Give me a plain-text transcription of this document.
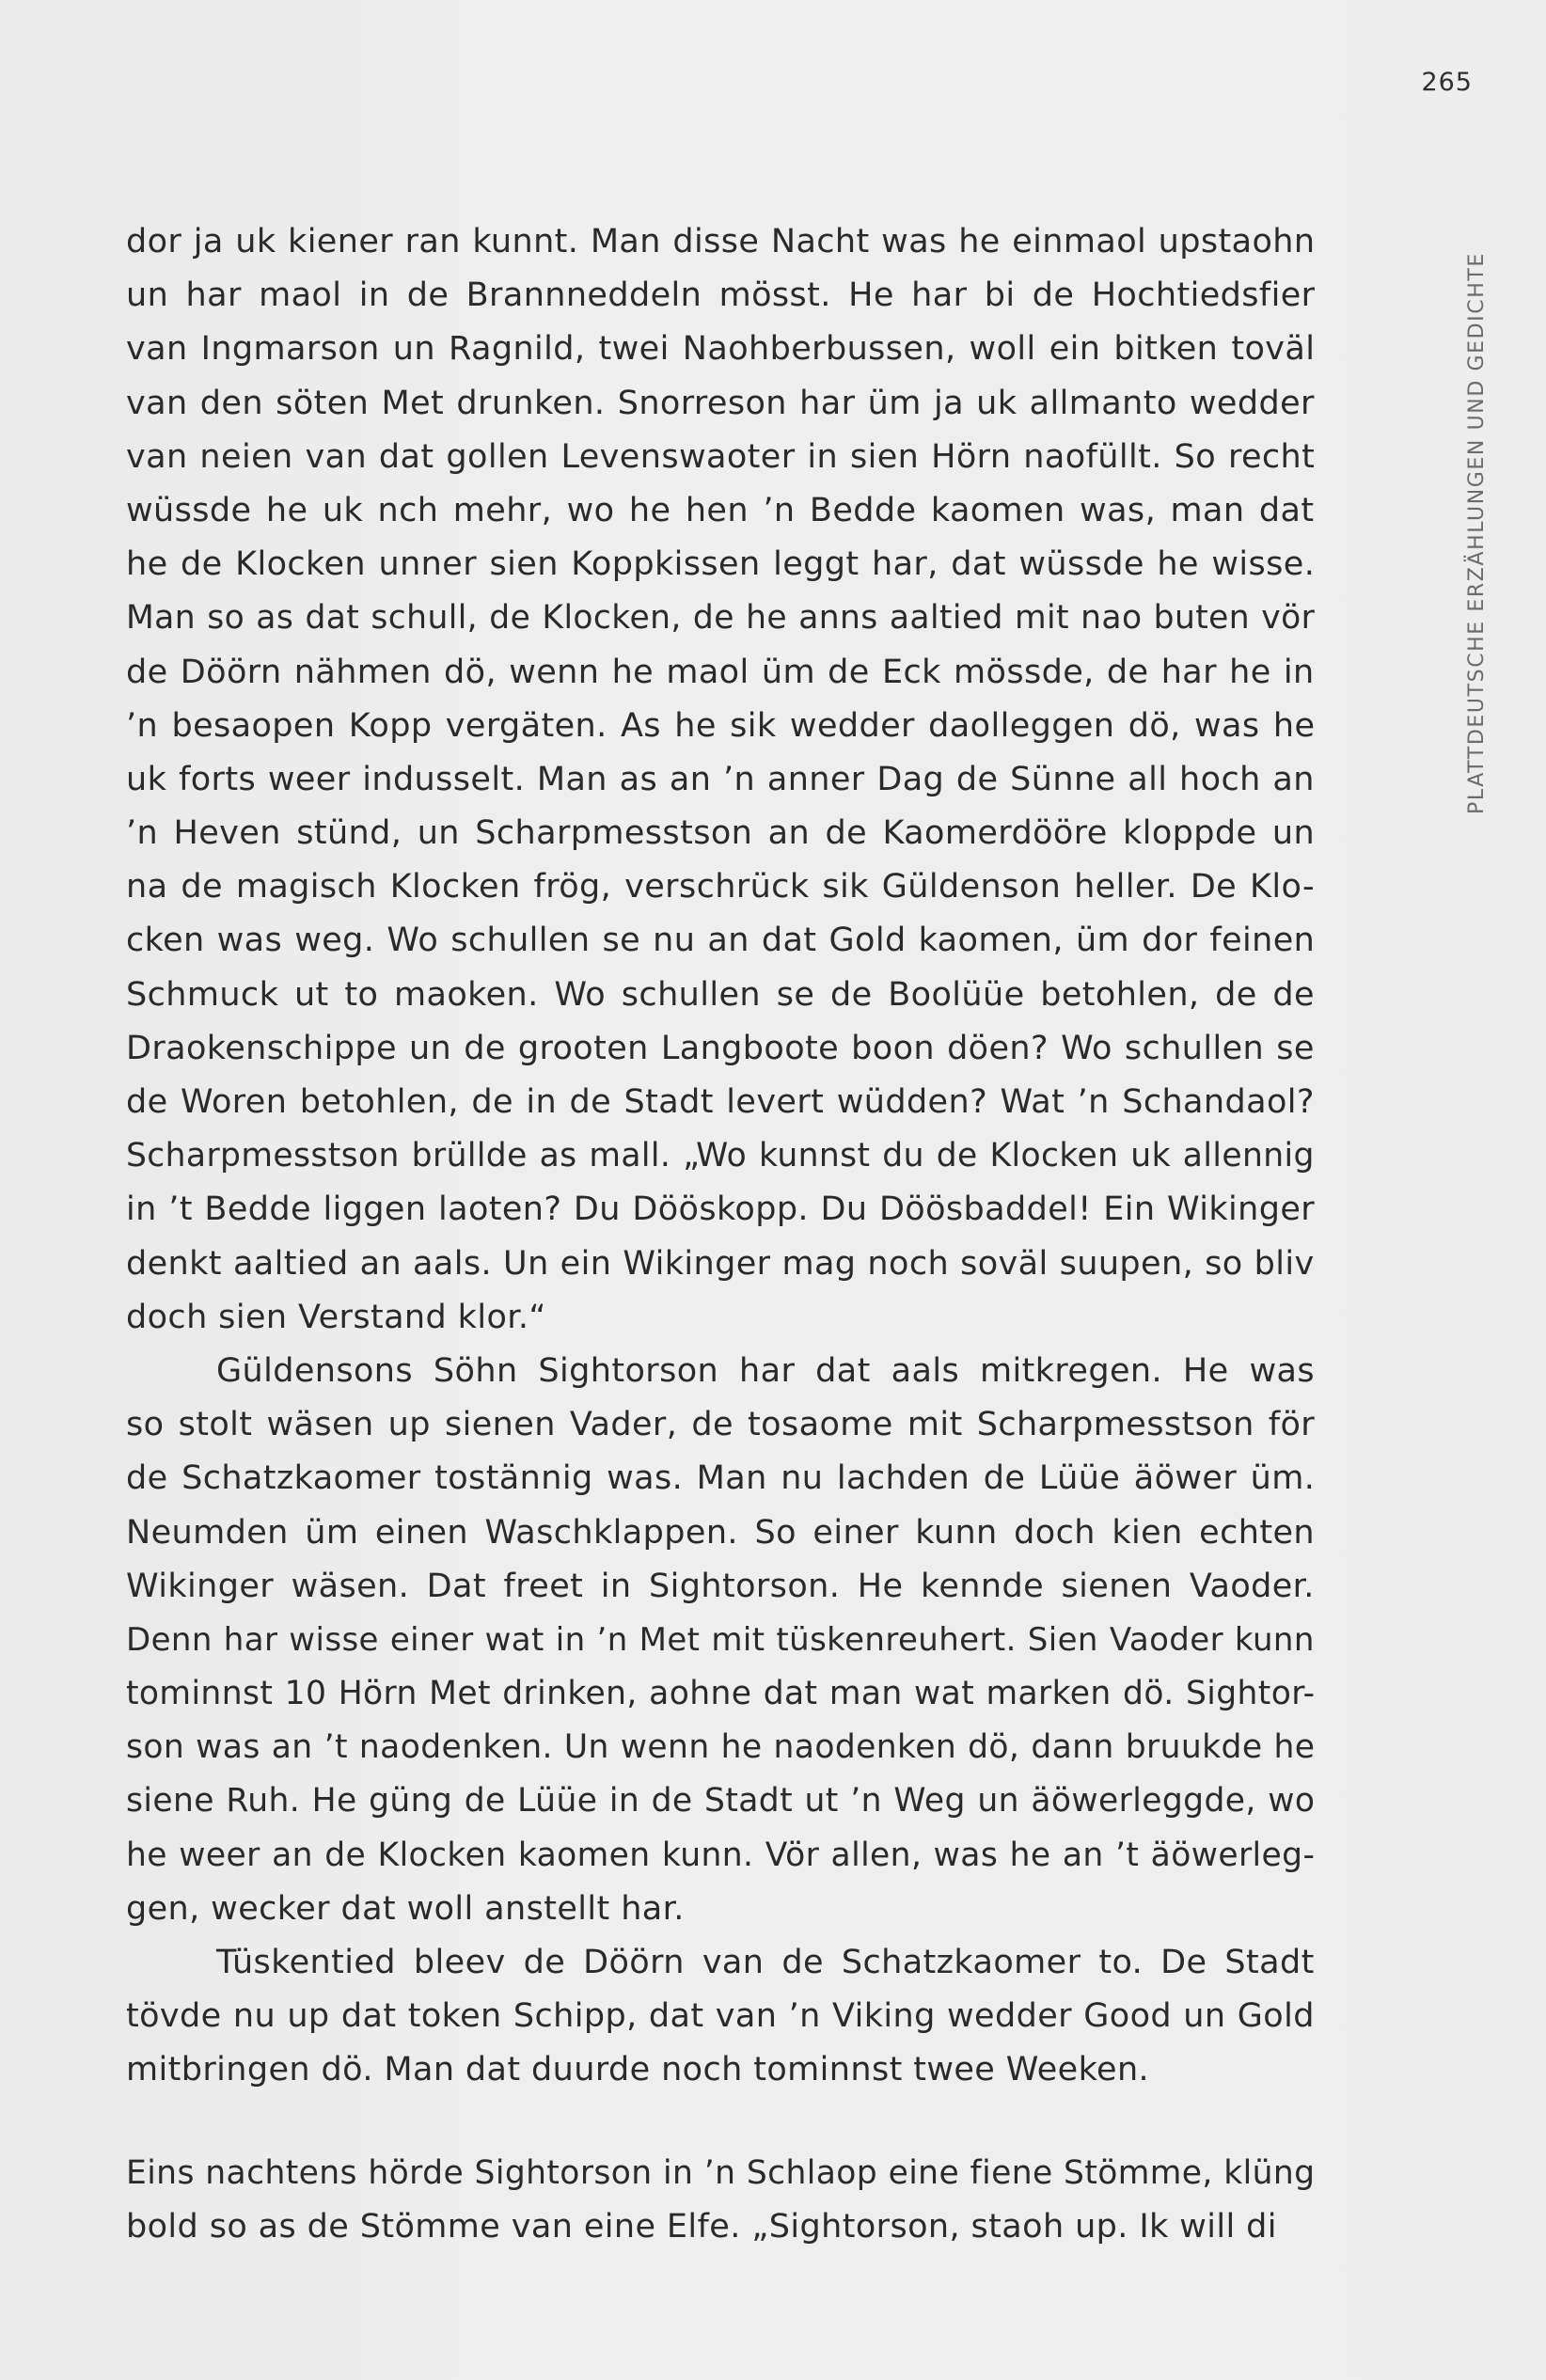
265
PLATTDEUTSCHE ERZÄHLUNGEN UND GEDICHTE
dor ja uk kiener ran kunnt. Man disse Nacht was he einmaol upstaohn
un har maol in de Brannneddeln mösst. He har bi de Hochtiedsfier
van Ingmarson un Ragnild, twei Naohberbussen, woll ein bitken toväl
van den söten Met drunken. Snorreson har üm ja uk allmanto wedder
van neien van dat gollen Levenswaoter in sien Hörn naofüllt. So recht
wüssde he uk nch mehr, wo he hen ’n Bedde kaomen was, man dat
he de Klocken unner sien Koppkissen leggt har, dat wüssde he wisse.
Man so as dat schull, de Klocken, de he anns aaltied mit nao buten vör
de Döörn nähmen dö, wenn he maol üm de Eck mössde, de har he in
’n besaopen Kopp vergäten. As he sik wedder daolleggen dö, was he
uk forts weer indusselt. Man as an ’n anner Dag de Sünne all hoch an
’n Heven stünd, un Scharpmesstson an de Kaomerdööre kloppde un
na de magisch Klocken frög, verschrück sik Güldenson heller. De Klo-
cken was weg. Wo schullen se nu an dat Gold kaomen, üm dor feinen
Schmuck ut to maoken. Wo schullen se de Boolüüe betohlen, de de
Draokenschippe un de grooten Langboote boon döen? Wo schullen se
de Woren betohlen, de in de Stadt levert wüdden? Wat ’n Schandaol?
Scharpmesstson brüllde as mall. „Wo kunnst du de Klocken uk allennig
in ’t Bedde liggen laoten? Du Dööskopp. Du Döösbaddel! Ein Wikinger
denkt aaltied an aals. Un ein Wikinger mag noch soväl suupen, so bliv
doch sien Verstand klor.“
Güldensons Söhn Sightorson har dat aals mitkregen. He was
so stolt wäsen up sienen Vader, de tosaome mit Scharpmesstson för
de Schatzkaomer tostännig was. Man nu lachden de Lüüe äöwer üm.
Neumden üm einen Waschklappen. So einer kunn doch kien echten
Wikinger wäsen. Dat freet in Sightorson. He kennde sienen Vaoder.
Denn har wisse einer wat in ’n Met mit tüskenreuhert. Sien Vaoder kunn
tominnst 10 Hörn Met drinken, aohne dat man wat marken dö. Sightor-
son was an ’t naodenken. Un wenn he naodenken dö, dann bruukde he
siene Ruh. He güng de Lüüe in de Stadt ut ’n Weg un äöwerleggde, wo
he weer an de Klocken kaomen kunn. Vör allen, was he an ’t äöwerleg-
gen, wecker dat woll anstellt har.
Tüskentied bleev de Döörn van de Schatzkaomer to. De Stadt
tövde nu up dat token Schipp, dat van ’n Viking wedder Good un Gold
mitbringen dö. Man dat duurde noch tominnst twee Weeken.
Eins nachtens hörde Sightorson in ’n Schlaop eine fiene Stömme, klüng
bold so as de Stömme van eine Elfe. „Sightorson, staoh up. Ik will di
